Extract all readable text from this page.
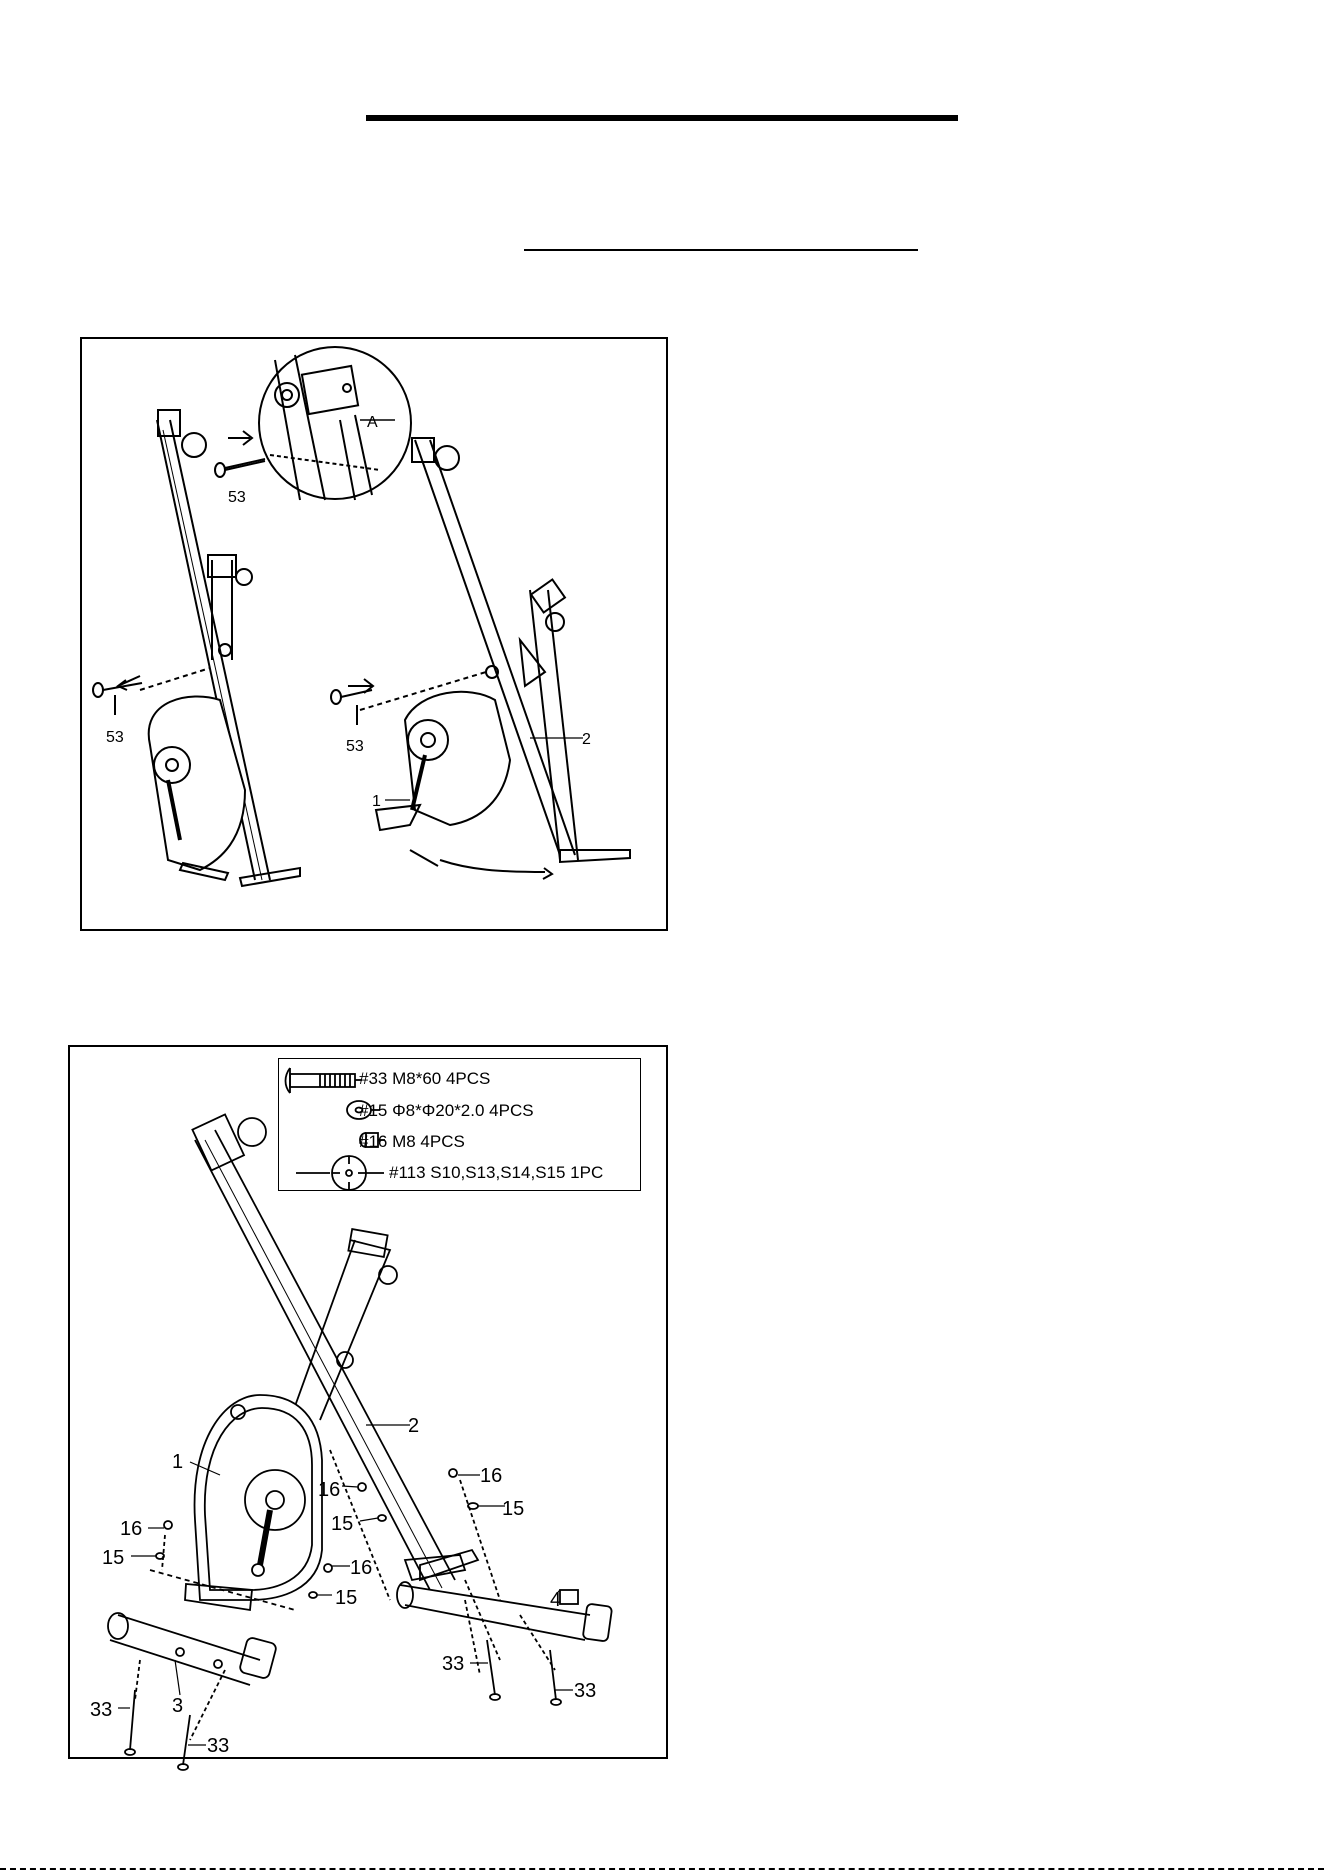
53
A
53
53
1
2
#33 M8*60 4PCS
#15 Φ8*Φ20*2.0 4PCS
#16 M8 4PCS
#113 S10,S13,S14,S15 1PC
1
2
3
4
16
15
16
15
16
15
16
15
33
33
33
33
